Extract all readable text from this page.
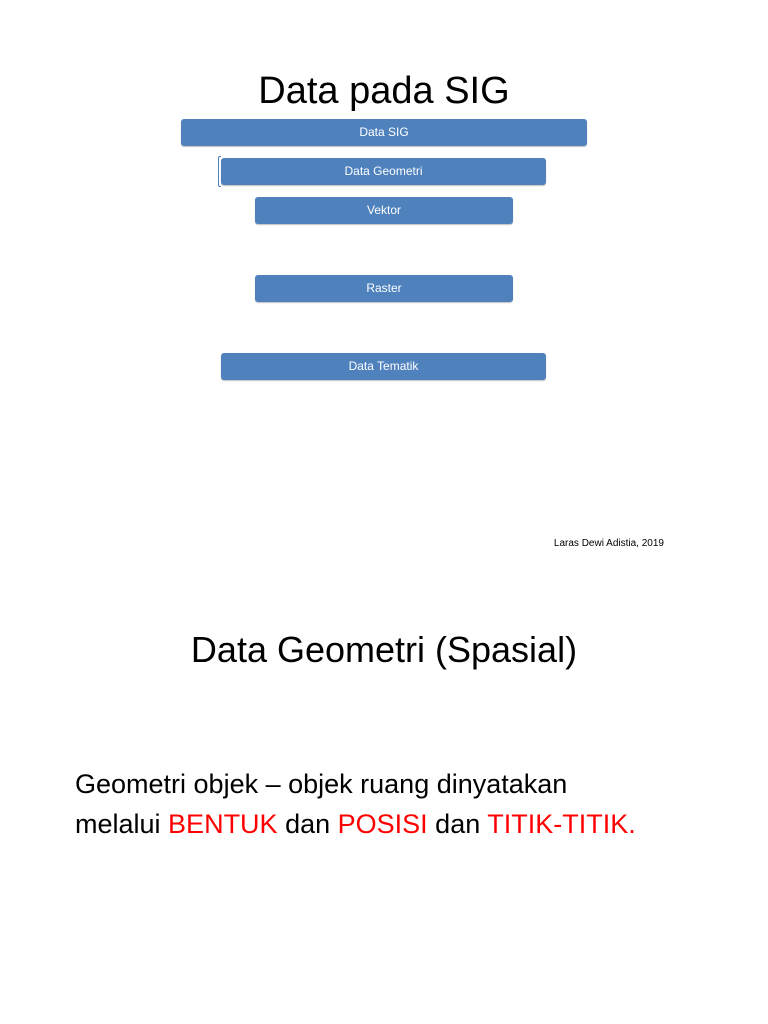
Data pada SIG
Data SIG
Data Geometri
Vektor
Raster
Data Tematik
Laras Dewi Adistia, 2019
Data Geometri (Spasial)
Geometri objek – objek ruang dinyatakan
melalui BENTUK dan POSISI dan TITIK-TITIK.
